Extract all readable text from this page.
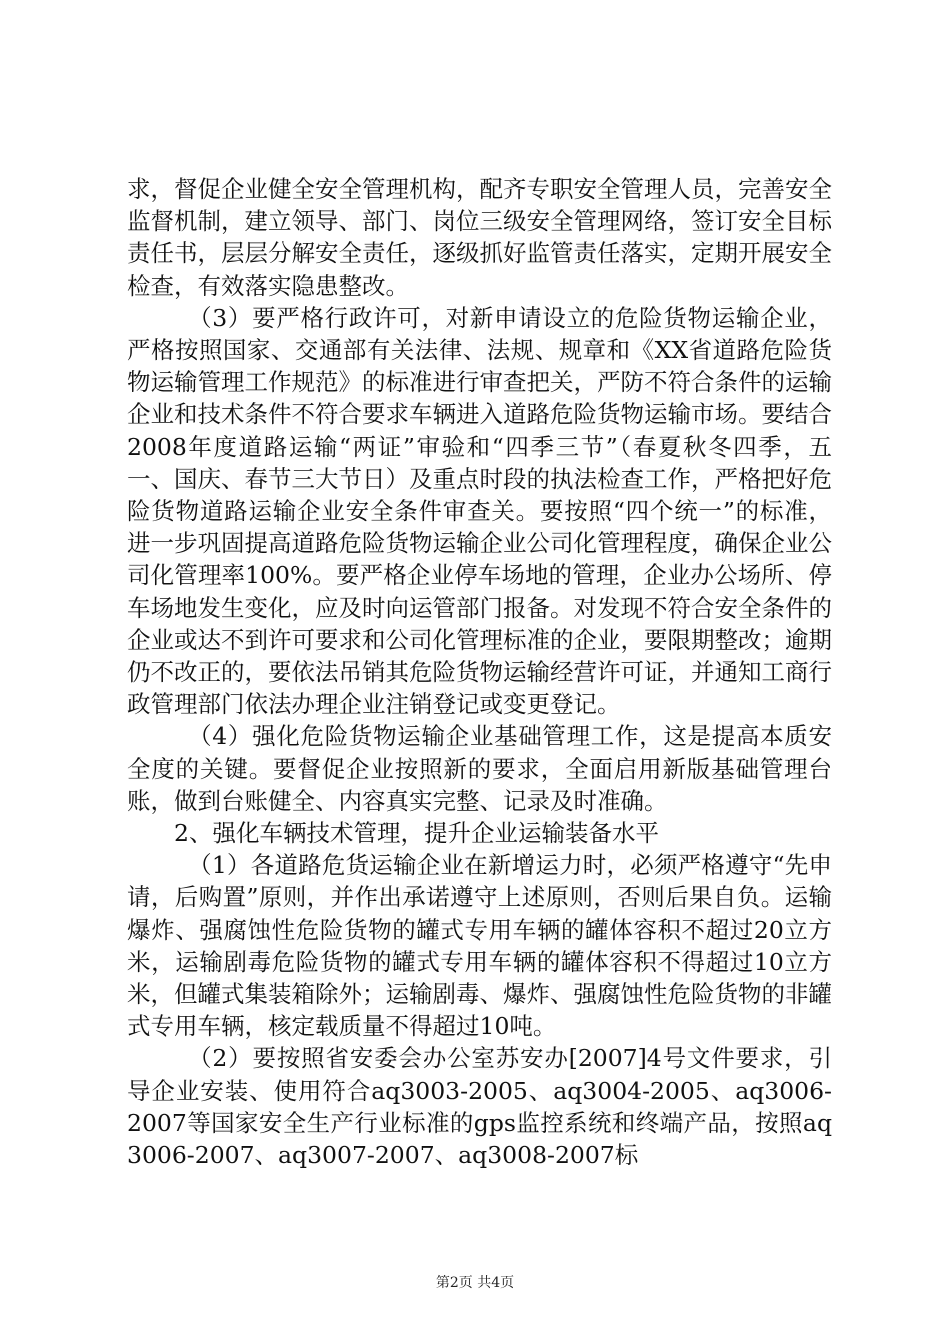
求，督促企业健全安全管理机构，配齐专职安全管理人员，完善安全监督机制，建立领导、部门、岗位三级安全管理网络，签订安全目标责任书，层层分解安全责任，逐级抓好监管责任落实，定期开展安全检查，有效落实隐患整改。

（3）要严格行政许可，对新申请设立的危险货物运输企业，严格按照国家、交通部有关法律、法规、规章和《XX省道路危险货物运输管理工作规范》的标准进行审查把关，严防不符合条件的运输企业和技术条件不符合要求车辆进入道路危险货物运输市场。要结合2008年度道路运输“两证”审验和“四季三节”（春夏秋冬四季，五一、国庆、春节三大节日）及重点时段的执法检查工作，严格把好危险货物道路运输企业安全条件审查关。要按照“四个统一”的标准，进一步巩固提高道路危险货物运输企业公司化管理程度，确保企业公司化管理率100%。要严格企业停车场地的管理，企业办公场所、停车场地发生变化，应及时向运管部门报备。对发现不符合安全条件的企业或达不到许可要求和公司化管理标准的企业，要限期整改；逾期仍不改正的，要依法吊销其危险货物运输经营许可证，并通知工商行政管理部门依法办理企业注销登记或变更登记。

（4）强化危险货物运输企业基础管理工作，这是提高本质安全度的关键。要督促企业按照新的要求，全面启用新版基础管理台账，做到台账健全、内容真实完整、记录及时准确。

2、强化车辆技术管理，提升企业运输装备水平

（1）各道路危货运输企业在新增运力时，必须严格遵守“先申请，后购置”原则，并作出承诺遵守上述原则，否则后果自负。运输爆炸、强腐蚀性危险货物的罐式专用车辆的罐体容积不超过20立方米，运输剧毒危险货物的罐式专用车辆的罐体容积不得超过10立方米，但罐式集装箱除外；运输剧毒、爆炸、强腐蚀性危险货物的非罐式专用车辆，核定载质量不得超过10吨。

（2）要按照省安委会办公室苏安办[2007]4号文件要求，引导企业安装、使用符合aq3003-2005、aq3004-2005、aq3006-2007等国家安全生产行业标准的gps监控系统和终端产品，按照aq3006-2007、aq3007-2007、aq3008-2007标

第2页 共4页
